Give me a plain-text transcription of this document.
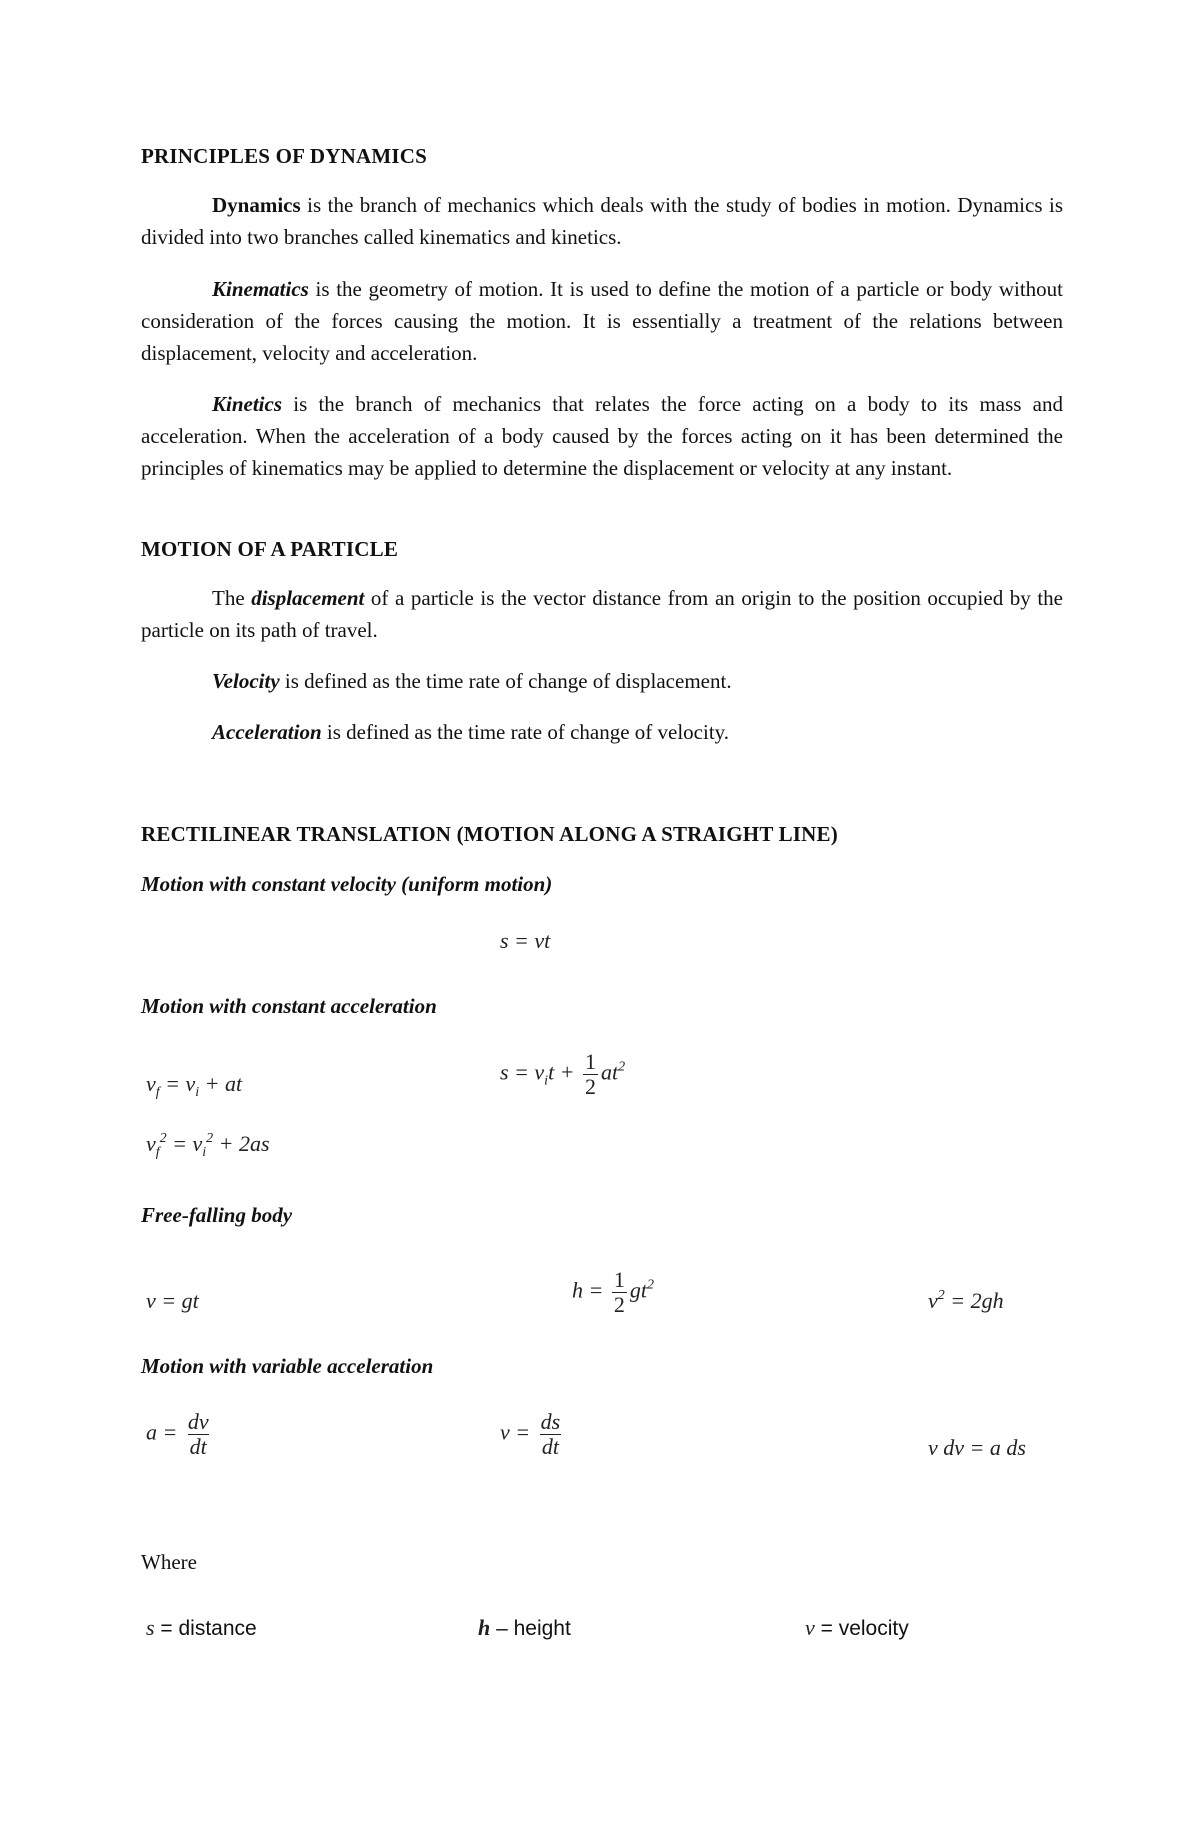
PRINCIPLES OF DYNAMICS

Dynamics is the branch of mechanics which deals with the study of bodies in motion. Dynamics is divided into two branches called kinematics and kinetics.

Kinematics is the geometry of motion. It is used to define the motion of a particle or body without consideration of the forces causing the motion. It is essentially a treatment of the relations between displacement, velocity and acceleration.

Kinetics is the branch of mechanics that relates the force acting on a body to its mass and acceleration. When the acceleration of a body caused by the forces acting on it has been determined the principles of kinematics may be applied to determine the displacement or velocity at any instant.

MOTION OF A PARTICLE

The displacement of a particle is the vector distance from an origin to the position occupied by the particle on its path of travel.

Velocity is defined as the time rate of change of displacement.

Acceleration is defined as the time rate of change of velocity.

RECTILINEAR TRANSLATION (MOTION ALONG A STRAIGHT LINE)
Motion with constant velocity (uniform motion)
s = vt
Motion with constant acceleration
$v_f = v_i$ + at	$s = v_it + \frac{1}{2} at^2$
$v_f^2 = v_i^2 + 2as$
Free-falling body
v = gt	$h = \frac{1}{2} gt^2$
$v^2 = 2gh$
Motion with variable acceleration
$a = \frac{dv}{dt}$	$v = \frac{ds}{dt}$	v dv = a ds
Where
s = distance	h – height	v = velocity
